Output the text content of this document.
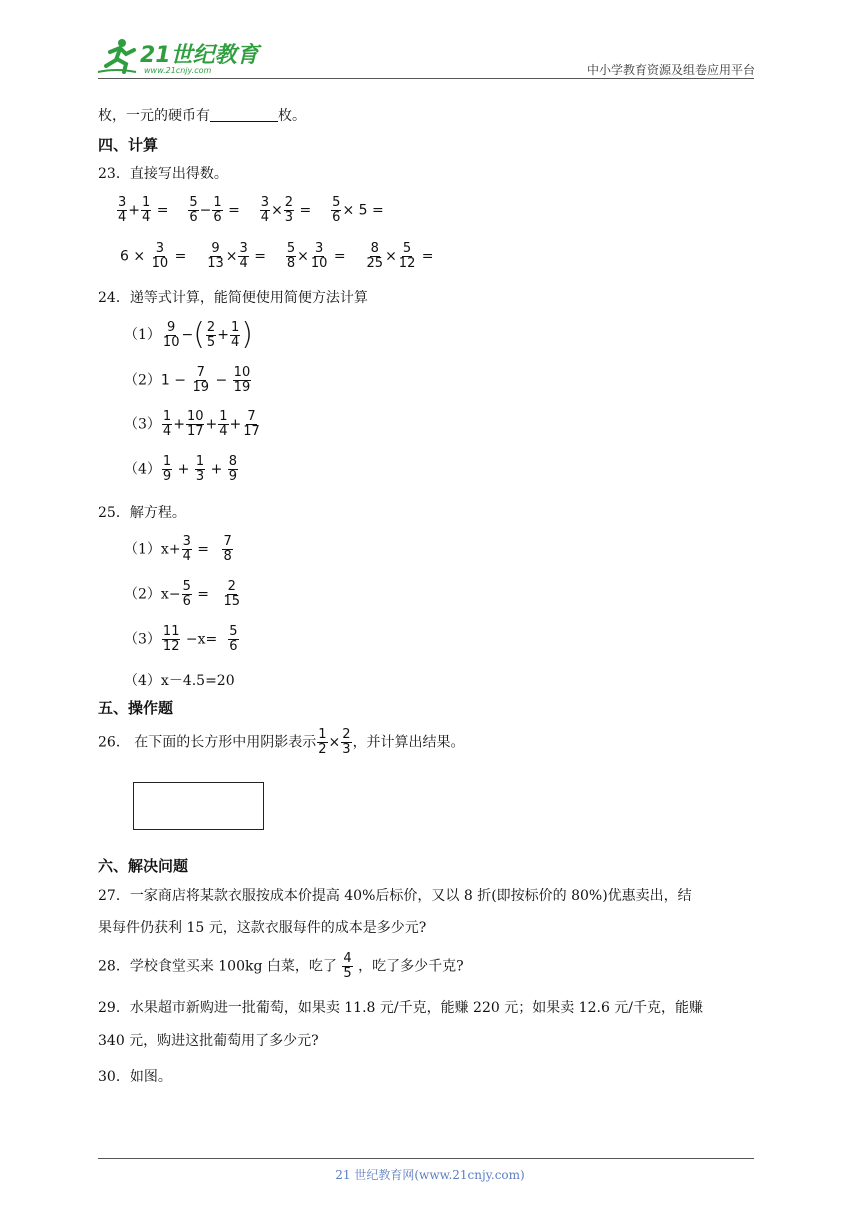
21世纪教育
www.21cnjy.com	中小学教育资源及组卷应用平台
枚，一元的硬币有	枚。
四、计算
23．直接写出得数。
$\frac{3}{4} + \frac{1}{4} = \frac{5}{6} - \frac{1}{6} = \frac{3}{4} \times \frac{2}{3} = \frac{5}{6} \times 5$ =
$6 \times \frac{3}{10} = \frac{9}{13} \times \frac{3}{4} = \frac{5}{8} \times \frac{3}{10} = \frac{8}{25} \times \frac{5}{12}$ =
24．递等式计算，能简便使用简便方法计算
$(1) \frac{9}{10}$ −( $\frac{2}{5} + \frac{1}{4}$ )
$(2)1 - \frac{7}{19} - \frac{10}{19}$
$(3) \frac{1}{4} + \frac{10}{17} + \frac{1}{4} + \frac{7}{17}$
$(4) \frac{1}{9} + \frac{1}{3} + \frac{8}{9}$
25．解方程。
$(1)x+ \frac{3}{4} = \frac{7}{8}$
$(2)x- \frac{5}{6} = \frac{2}{15}$
$(3) \frac{11}{12} -x= \frac{5}{6}$
（4）x－4.5=20
五、操作题
26． 在下面的长方形中用阴影表示 $\frac{1}{2} \times \frac{2}{3}$ ，并计算出结果。
六、解决问题
27．一家商店将某款衣服按成本价提高 40%后标价，又以 8 折(即按标价的 80%)优惠卖出，结
果每件仍获利 15 元，这款衣服每件的成本是多少元?
28．学校食堂买来 100kg 白菜，吃了 $\frac{4}{5}$ ，吃了多少千克?
29．水果超市新购进一批葡萄，如果卖 11.8 元/千克，能赚 220 元；如果卖 12.6 元/千克，能赚
340 元，购进这批葡萄用了多少元?
30．如图。
21 世纪教育网(www.21cnjy.com)
